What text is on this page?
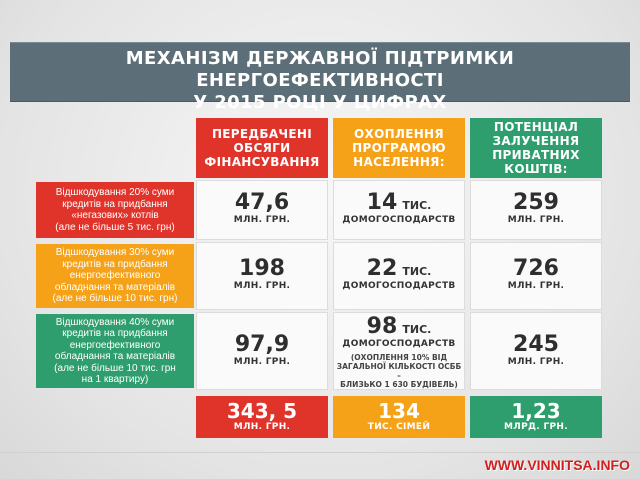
МЕХАНІЗМ ДЕРЖАВНОЇ ПІДТРИМКИ ЕНЕРГОЕФЕКТИВНОСТІ
У 2015 РОЦІ У ЦИФРАХ
ПЕРЕДБАЧЕНІ
ОБСЯГИ
ФІНАНСУВАННЯ
ОХОПЛЕННЯ
ПРОГРАМОЮ
НАСЕЛЕННЯ:
ПОТЕНЦІАЛ
ЗАЛУЧЕННЯ
ПРИВАТНИХ
КОШТІВ:
Відшкодування 20% суми
кредитів на придбання
«негазових» котлів
(але не більше 5 тис. грн)
47,6
МЛН. ГРН.
14 ТИС.
ДОМОГОСПОДАРСТВ
259
МЛН. ГРН.
Відшкодування 30% суми
кредитів на придбання
енергоефективного
обладнання та матеріалів
(але не більше 10 тис. грн)
198
МЛН. ГРН.
22 ТИС.
ДОМОГОСПОДАРСТВ
726
МЛН. ГРН.
Відшкодування 40% суми
кредитів на придбання
енергоефективного
обладнання та матеріалів
(але не більше 10 тис. грн
на 1 квартиру)
97,9
МЛН. ГРН.
98 ТИС.
ДОМОГОСПОДАРСТВ
(ОХОПЛЕННЯ 10% ВІД
ЗАГАЛЬНОЇ КІЛЬКОСТІ ОСББ –
БЛИЗЬКО 1 630 БУДІВЕЛЬ)
245
МЛН. ГРН.
343, 5
МЛН. ГРН.
134
ТИС. СІМЕЙ
1,23
МЛРД. ГРН.
WWW.VINNITSA.INFO
